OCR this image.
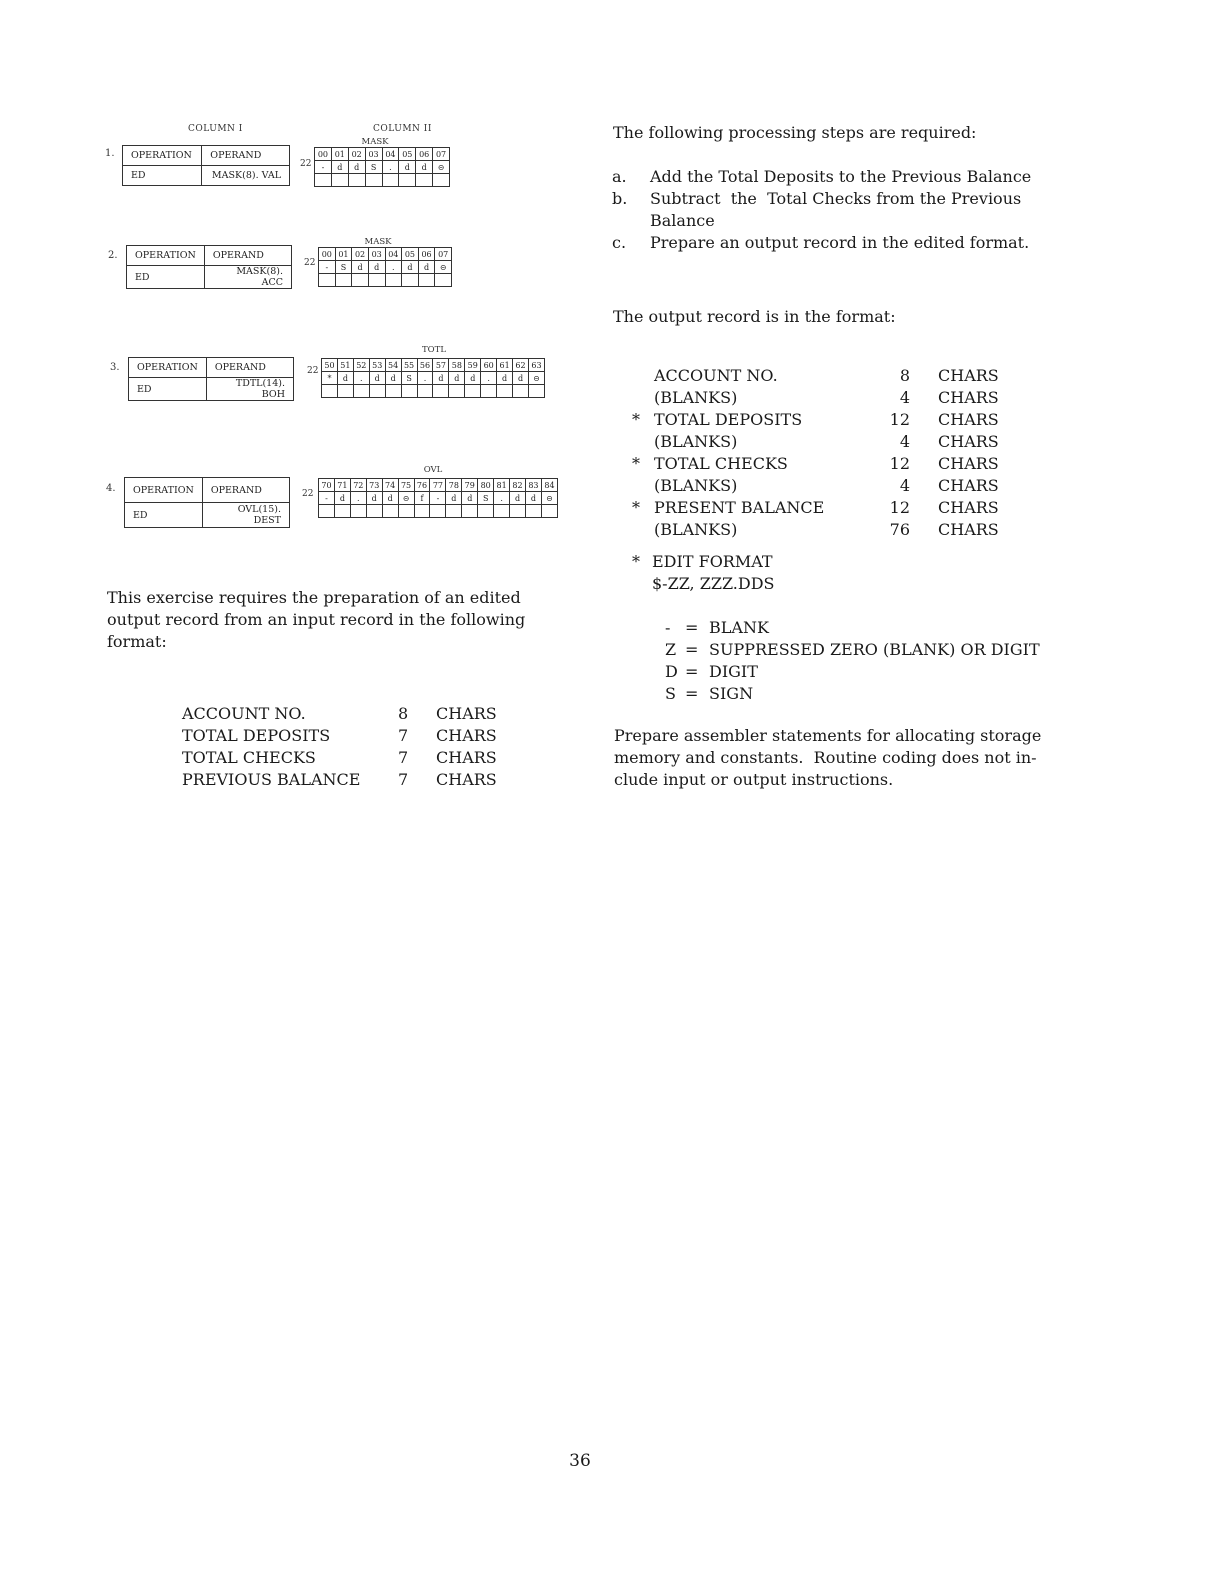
COLUMN I	COLUMN II
1. OPERATION	OPERAND
ED	MASK(8). VAL
MASK
22
00	01	02	03	04	05	06	07
-	d	d	S	.	d	d	⊝

2. OPERATION	OPERAND
ED	MASK(8). ACC
MASK
22
00	01	02	03	04	05	06	07
-	S	d	d	.	d	d	⊝

3. OPERATION	OPERAND
ED	TDTL(14). BOH
TOTL
22
50	51	52	53	54	55	56	57	58	59	60	61	62	63
*	d	.	d	d	S	.	d	d	d	.	d	d	⊝

4. OPERATION	OPERAND
ED	OVL(15). DEST
OVL
22
70	71	72	73	74	75	76	77	78	79	80	81	82	83	84
-	d	.	d	d	⊝	f	-	d	d	S	.	d	d	⊝

This exercise requires the preparation of an edited

output record from an input record in the following

format:

ACCOUNT NO.	8	CHARS
TOTAL DEPOSITS	7	CHARS
TOTAL CHECKS	7	CHARS
PREVIOUS BALANCE	7	CHARS
The following processing steps are required:
a.	Add the Total Deposits to the Previous Balance
b.	Subtract  the  Total Checks from the Previous
Balance
c.	Prepare an output record in the edited format.
The output record is in the format:
ACCOUNT NO.	8 CHARS
(BLANKS)	4 CHARS
* TOTAL DEPOSITS	12 CHARS
(BLANKS)	4 CHARS
* TOTAL CHECKS	12 CHARS
(BLANKS)	4 CHARS
* PRESENT BALANCE	12 CHARS
(BLANKS)	76 CHARS
* EDIT FORMAT
$-ZZ, ZZZ.DDS
- = BLANK
Z = SUPPRESSED ZERO (BLANK) OR DIGIT
D = DIGIT
S = SIGN

Prepare assembler statements for allocating storage

memory and constants.  Routine coding does not in-

clude input or output instructions.

36
